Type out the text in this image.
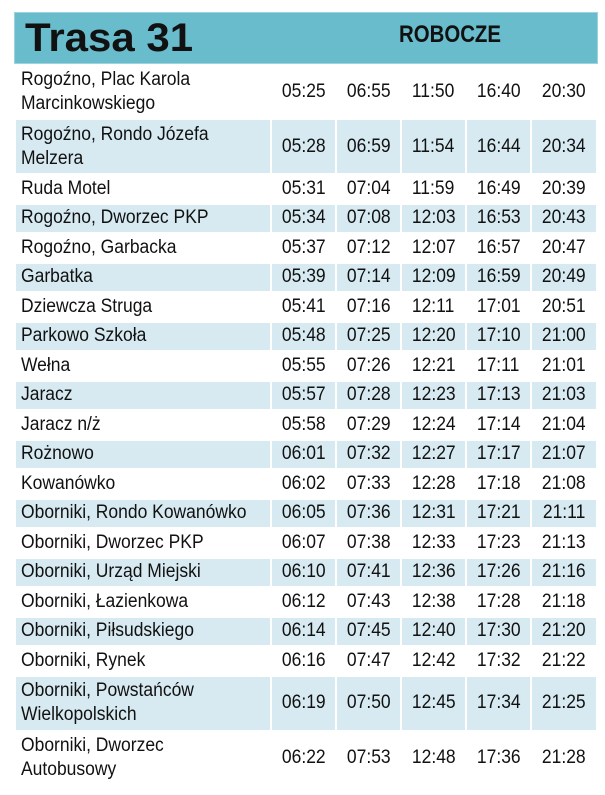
Trasa 31	ROBOCZE
Rogoźno, Plac Karola
Marcinkowskiego	05:25	06:55	11:50	16:40	20:30
Rogoźno, Rondo Józefa
Melzera	05:28	06:59	11:54	16:44	20:34
Ruda Motel	05:31	07:04	11:59	16:49	20:39
Rogoźno, Dworzec PKP	05:34	07:08	12:03	16:53	20:43
Rogoźno, Garbacka	05:37	07:12	12:07	16:57	20:47
Garbatka	05:39	07:14	12:09	16:59	20:49
Dziewcza Struga	05:41	07:16	12:11	17:01	20:51
Parkowo Szkoła	05:48	07:25	12:20	17:10	21:00
Wełna	05:55	07:26	12:21	17:11	21:01
Jaracz	05:57	07:28	12:23	17:13	21:03
Jaracz n/ż	05:58	07:29	12:24	17:14	21:04
Rożnowo	06:01	07:32	12:27	17:17	21:07
Kowanówko	06:02	07:33	12:28	17:18	21:08
Oborniki, Rondo Kowanówko	06:05	07:36	12:31	17:21	21:11
Oborniki, Dworzec PKP	06:07	07:38	12:33	17:23	21:13
Oborniki, Urząd Miejski	06:10	07:41	12:36	17:26	21:16
Oborniki, Łazienkowa	06:12	07:43	12:38	17:28	21:18
Oborniki, Piłsudskiego	06:14	07:45	12:40	17:30	21:20
Oborniki, Rynek	06:16	07:47	12:42	17:32	21:22
Oborniki, Powstańców
Wielkopolskich	06:19	07:50	12:45	17:34	21:25
Oborniki, Dworzec
Autobusowy	06:22	07:53	12:48	17:36	21:28
